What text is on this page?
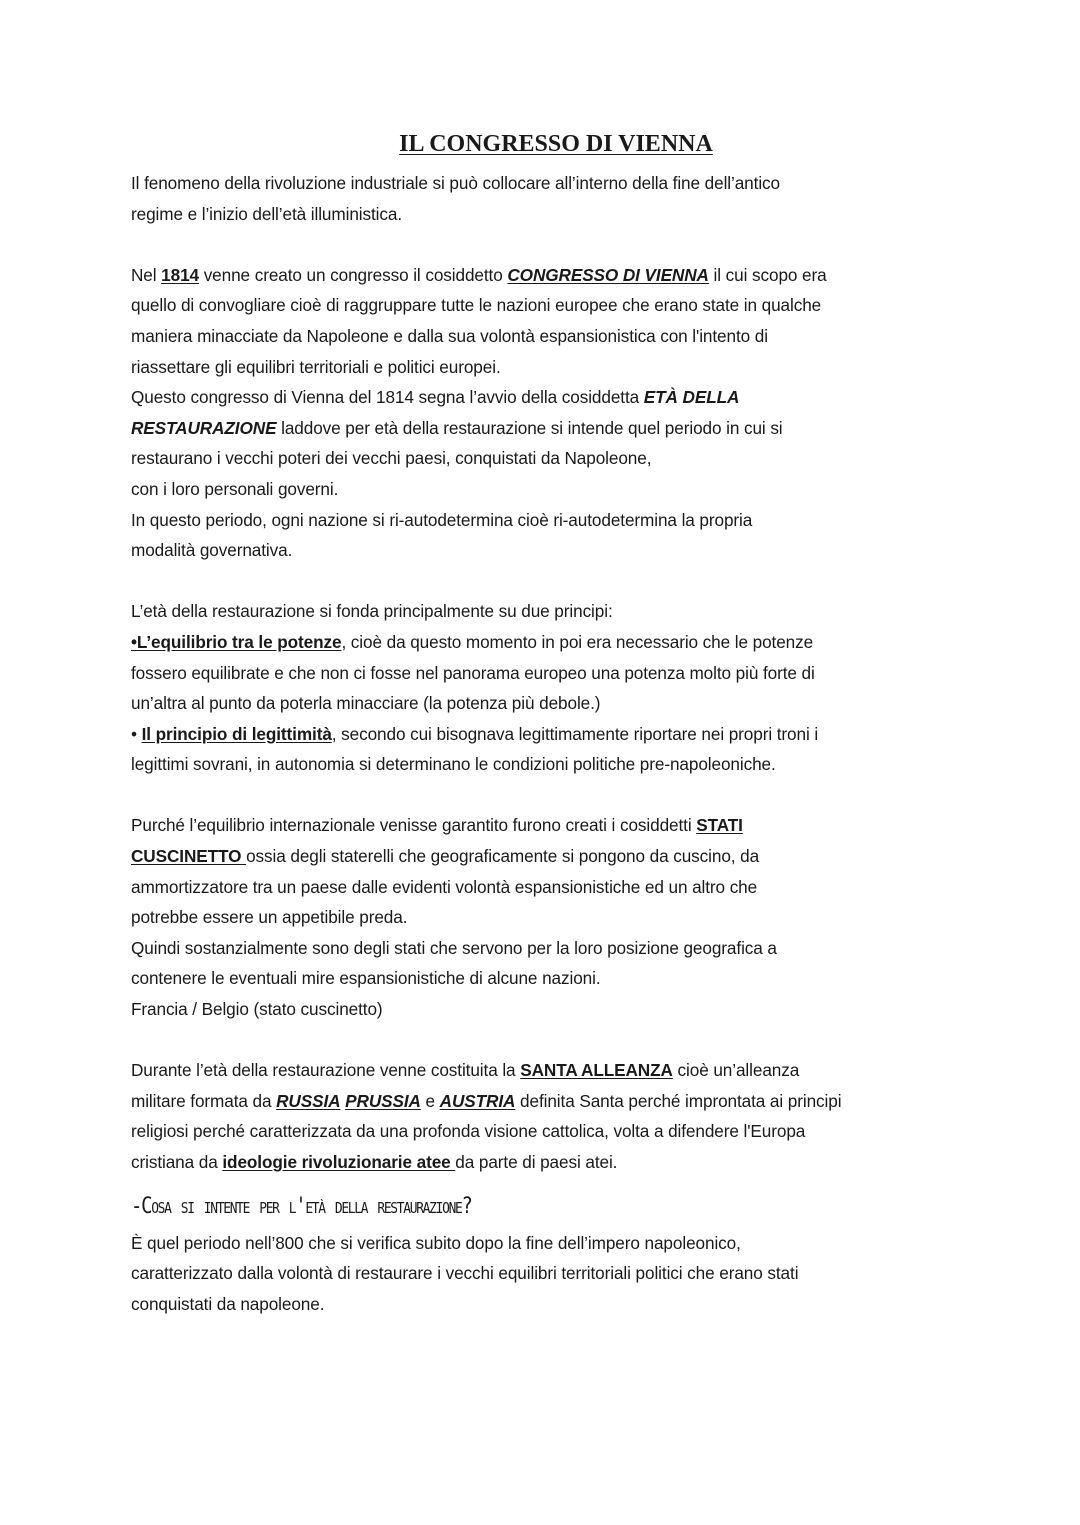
IL CONGRESSO DI VIENNA

Il fenomeno della rivoluzione industriale si può collocare all’interno della fine dell’antico

regime e l’inizio dell’età illuministica.

Nel 1814 venne creato un congresso il cosiddetto CONGRESSO DI VIENNA il cui scopo era

quello di convogliare cioè di raggruppare tutte le nazioni europee che erano state in qualche

maniera minacciate da Napoleone e dalla sua volontà espansionistica con l'intento di

riassettare gli equilibri territoriali e politici europei.

Questo congresso di Vienna del 1814 segna l’avvio della cosiddetta ETÀ DELLA

RESTAURAZIONE laddove per età della restaurazione si intende quel periodo in cui si

restaurano i vecchi poteri dei vecchi paesi, conquistati da Napoleone,

con i loro personali governi.

In questo periodo, ogni nazione si ri-autodetermina cioè ri-autodetermina la propria

modalità governativa.

L’età della restaurazione si fonda principalmente su due principi:

•L’equilibrio tra le potenze, cioè da questo momento in poi era necessario che le potenze

fossero equilibrate e che non ci fosse nel panorama europeo una potenza molto più forte di

un’altra al punto da poterla minacciare (la potenza più debole.)

• Il principio di legittimità, secondo cui bisognava legittimamente riportare nei propri troni i

legittimi sovrani, in autonomia si determinano le condizioni politiche pre-napoleoniche.

Purché l’equilibrio internazionale venisse garantito furono creati i cosiddetti STATI

CUSCINETTO ossia degli staterelli che geograficamente si pongono da cuscino, da

ammortizzatore tra un paese dalle evidenti volontà espansionistiche ed un altro che

potrebbe essere un appetibile preda.

Quindi sostanzialmente sono degli stati che servono per la loro posizione geografica a

contenere le eventuali mire espansionistiche di alcune nazioni.

Francia / Belgio (stato cuscinetto)

Durante l’età della restaurazione venne costituita la SANTA ALLEANZA cioè un’alleanza

militare formata da RUSSIA PRUSSIA e AUSTRIA definita Santa perché improntata ai principi

religiosi perché caratterizzata da una profonda visione cattolica, volta a difendere l'Europa

cristiana da ideologie rivoluzionarie atee da parte di paesi atei.

-Cosa si intente per l'età della restaurazione?

È quel periodo nell’800 che si verifica subito dopo la fine dell’impero napoleonico,

caratterizzato dalla volontà di restaurare i vecchi equilibri territoriali politici che erano stati

conquistati da napoleone.
